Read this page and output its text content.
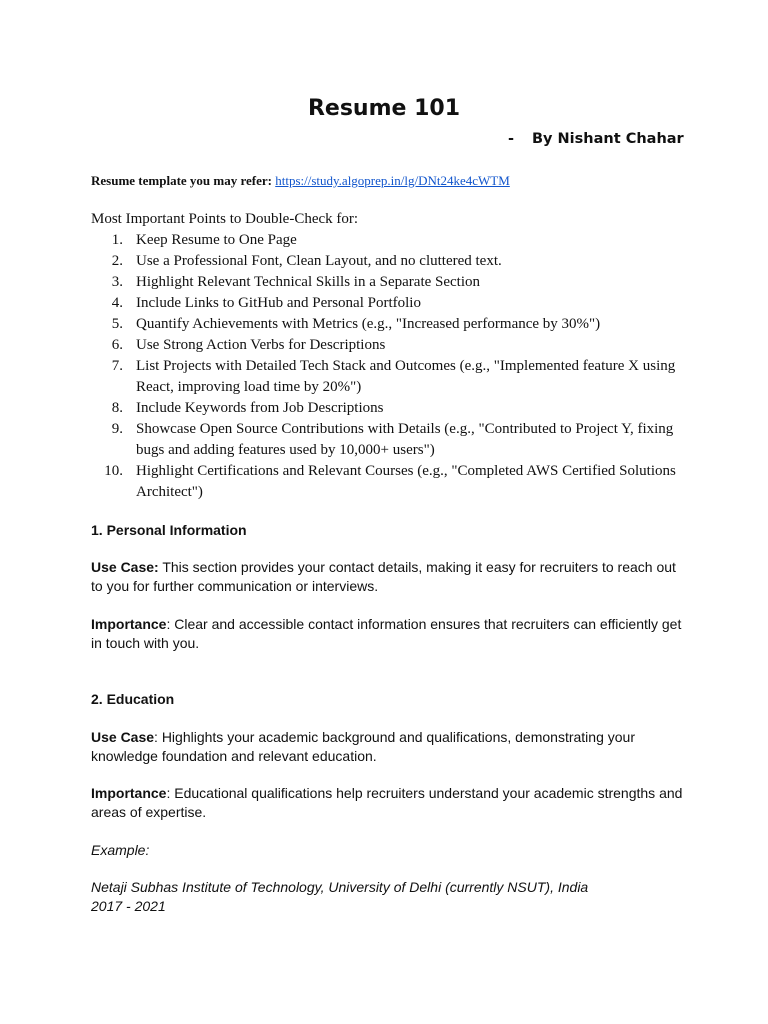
Resume 101
- By Nishant Chahar
Resume template you may refer: https://study.algoprep.in/lg/DNt24ke4cWTM
Most Important Points to Double-Check for:
1. Keep Resume to One Page
2. Use a Professional Font, Clean Layout, and no cluttered text.
3. Highlight Relevant Technical Skills in a Separate Section
4. Include Links to GitHub and Personal Portfolio
5. Quantify Achievements with Metrics (e.g., "Increased performance by 30%")
6. Use Strong Action Verbs for Descriptions
7. List Projects with Detailed Tech Stack and Outcomes (e.g., "Implemented feature X using React, improving load time by 20%")
8. Include Keywords from Job Descriptions
9. Showcase Open Source Contributions with Details (e.g., "Contributed to Project Y, fixing bugs and adding features used by 10,000+ users")
10. Highlight Certifications and Relevant Courses (e.g., "Completed AWS Certified Solutions Architect")

1. Personal Information

Use Case: This section provides your contact details, making it easy for recruiters to reach out to you for further communication or interviews.

Importance: Clear and accessible contact information ensures that recruiters can efficiently get in touch with you.

2. Education

Use Case: Highlights your academic background and qualifications, demonstrating your knowledge foundation and relevant education.

Importance: Educational qualifications help recruiters understand your academic strengths and areas of expertise.

Example:

Netaji Subhas Institute of Technology, University of Delhi (currently NSUT), India
2017 - 2021
